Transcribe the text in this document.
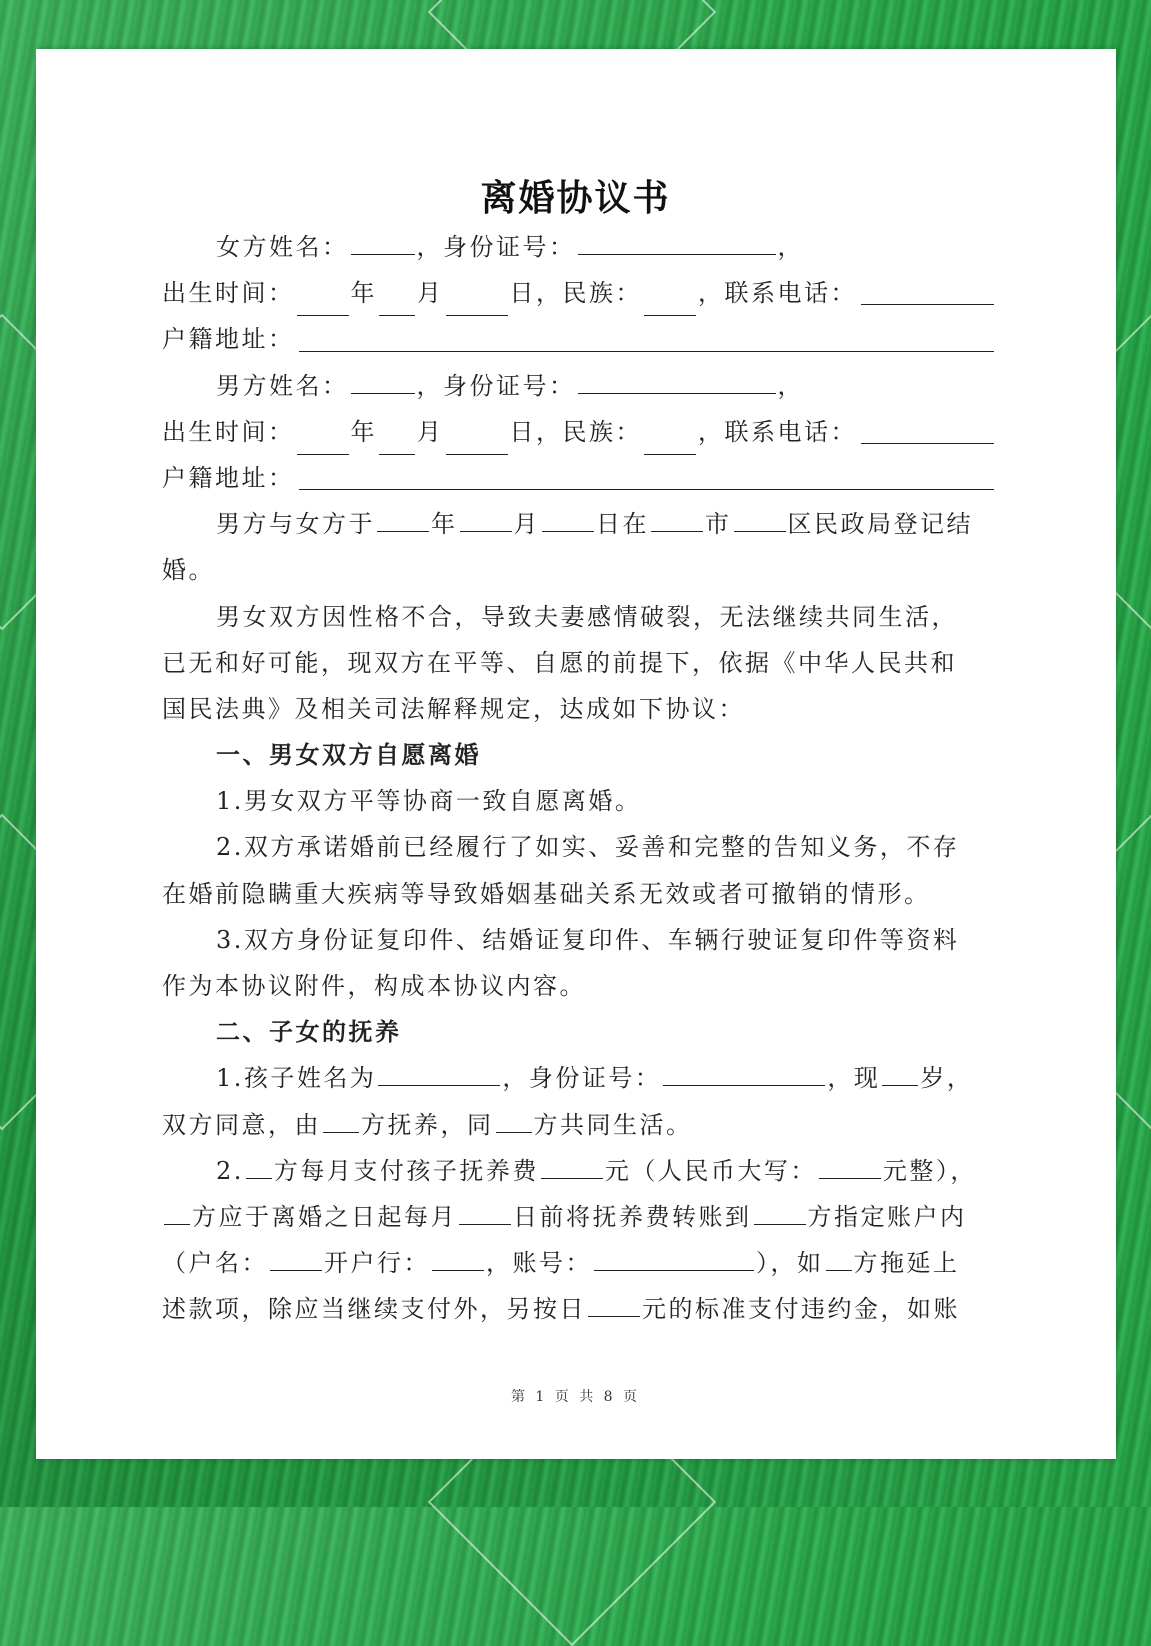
离婚协议书
女方姓名：	，身份证号：	，
出生时间： 年 月	日， 民族： ，联系电话：
户籍地址：
男方姓名：	，身份证号：	，
出生时间： 年 月	日， 民族： ，联系电话：
户籍地址：
男方与女方于 年 月 日在 市 区民政局登记结
婚。
男女双方因性格不合，导致夫妻感情破裂，无法继续共同生活，
已无和好可能，现双方在平等、自愿的前提下，依据《中华人民共和
国民法典》及相关司法解释规定，达成如下协议：
一、男女双方自愿离婚
1.男女双方平等协商一致自愿离婚。
2.双方承诺婚前已经履行了如实、妥善和完整的告知义务，不存
在婚前隐瞒重大疾病等导致婚姻基础关系无效或者可撤销的情形。
3.双方身份证复印件、结婚证复印件、车辆行驶证复印件等资料
作为本协议附件，构成本协议内容。
二、子女的抚养
1.孩子姓名为	，身份证号：	，现 岁，
双方同意，由 方抚养，同 方共同生活。
2. 方每月支付孩子抚养费	元（人民币大写：	元整），
方应于离婚之日起每月 日前将抚养费转账到 方指定账户内
（户名： 开户行： ，账号：	），如 方拖延上
述款项，除应当继续支付外，另按日 元的标准支付违约金，如账
第 1 页 共 8 页
